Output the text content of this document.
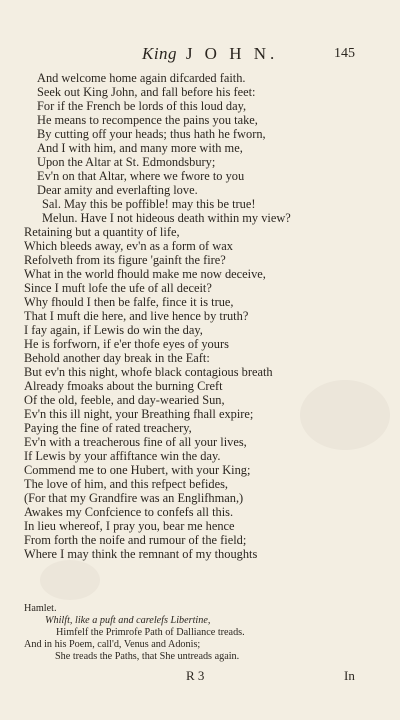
King J O H N.	145
And welcome home again difcarded faith.
Seek out King John, and fall before his feet:
For if the French be lords of this loud day,
He means to recompence the pains you take,
By cutting off your heads; thus hath he fworn,
And I with him, and many more with me,
Upon the Altar at St. Edmondsbury;
Ev'n on that Altar, where we fwore to you
Dear amity and everlafting love.
Sal. May this be poffible! may this be true!
Melun. Have I not hideous death within my view?
Retaining but a quantity of life,
Which bleeds away, ev'n as a form of wax
Refolveth from its figure 'gainft the fire?
What in the world fhould make me now deceive,
Since I muft lofe the ufe of all deceit?
Why fhould I then be falfe, fince it is true,
That I muft die here, and live hence by truth?
I fay again, if Lewis do win the day,
He is forfworn, if e'er thofe eyes of yours
Behold another day break in the Eaft:
But ev'n this night, whofe black contagious breath
Already fmoaks about the burning Creft
Of the old, feeble, and day-wearied Sun,
Ev'n this ill night, your Breathing fhall expire;
Paying the fine of rated treachery,
Ev'n with a treacherous fine of all your lives,
If Lewis by your affiftance win the day.
Commend me to one Hubert, with your King;
The love of him, and this refpect befides,
(For that my Grandfire was an Englifhman,)
Awakes my Confcience to confefs all this.
In lieu whereof, I pray you, bear me hence
From forth the noife and rumour of the field;
Where I may think the remnant of my thoughts
Hamlet.
Whilft, like a puft and carelefs Libertine,
Himfelf the Primrofe Path of Dalliance treads.
And in his Poem, call'd, Venus and Adonis;
She treads the Paths, that She untreads again.
R 3	In
